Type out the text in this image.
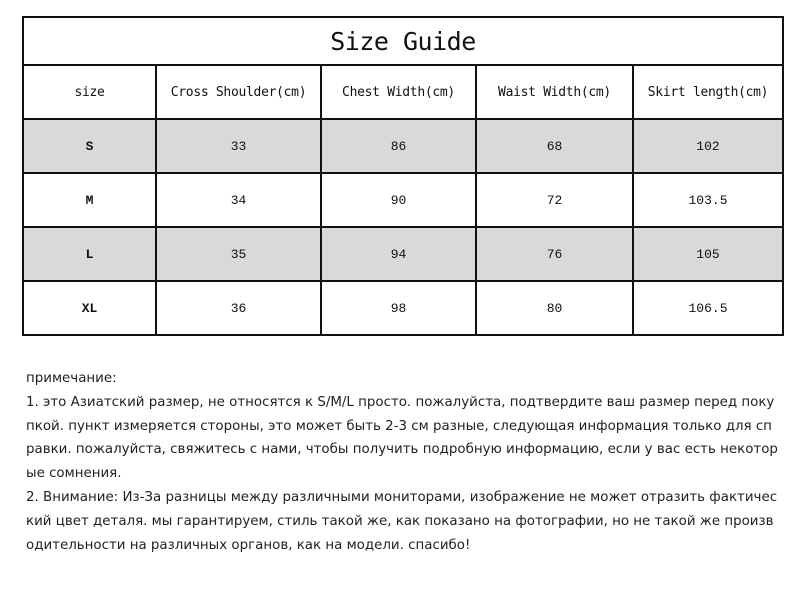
Size Guide				
size	Cross Shoulder(cm)	Chest Width(cm)	Waist Width(cm)	Skirt length(cm)
S	33	86	68	102
M	34	90	72	103.5
L	35	94	76	105
XL	36	98	80	106.5

примечание:

1. это Азиатский размер, не относятся к S/M/L просто. пожалуйста, подтвердите ваш размер перед покупкой. пункт измеряется стороны, это может быть 2-3 см разные, следующая информация только для справки. пожалуйста, свяжитесь с нами, чтобы получить подробную информацию, если у вас есть некоторые сомнения.

2. Внимание: Из-За разницы между различными мониторами, изображение не может отразить фактический цвет деталя. мы гарантируем, стиль такой же, как показано на фотографии, но не такой же производительности на различных органов, как на модели. спасибо!
